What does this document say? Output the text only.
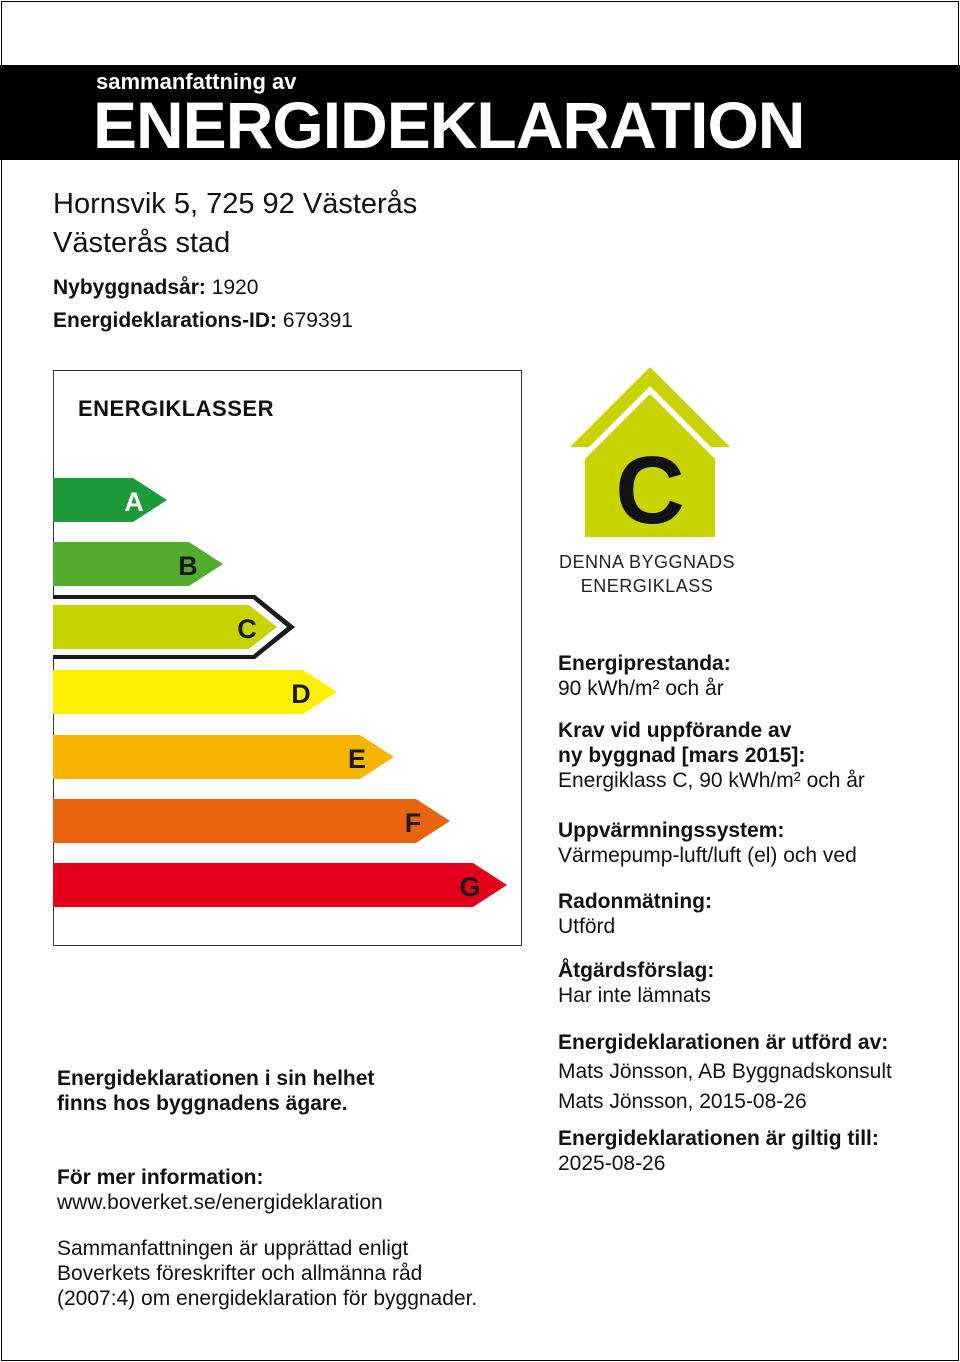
sammanfattning av
ENERGIDEKLARATION
Hornsvik 5, 725 92 Västerås
Västerås stad
Nybyggnadsår: 1920
Energideklarations-ID: 679391
ENERGIKLASSER
A
B
C
D
E
F
G
C
DENNA BYGGNADS
ENERGIKLASS
Energiprestanda:
90 kWh/m² och år
Krav vid uppförande av
ny byggnad [mars 2015]:
Energiklass C, 90 kWh/m² och år
Uppvärmningssystem:
Värmepump-luft/luft (el) och ved
Radonmätning:
Utförd
Åtgärdsförslag:
Har inte lämnats
Energideklarationen är utförd av:
Mats Jönsson, AB Byggnadskonsult
Mats Jönsson, 2015-08-26
Energideklarationen är giltig till:
2025-08-26
Energideklarationen i sin helhet
finns hos byggnadens ägare.
För mer information:
www.boverket.se/energideklaration
Sammanfattningen är upprättad enligt
Boverkets föreskrifter och allmänna råd
(2007:4) om energideklaration för byggnader.
